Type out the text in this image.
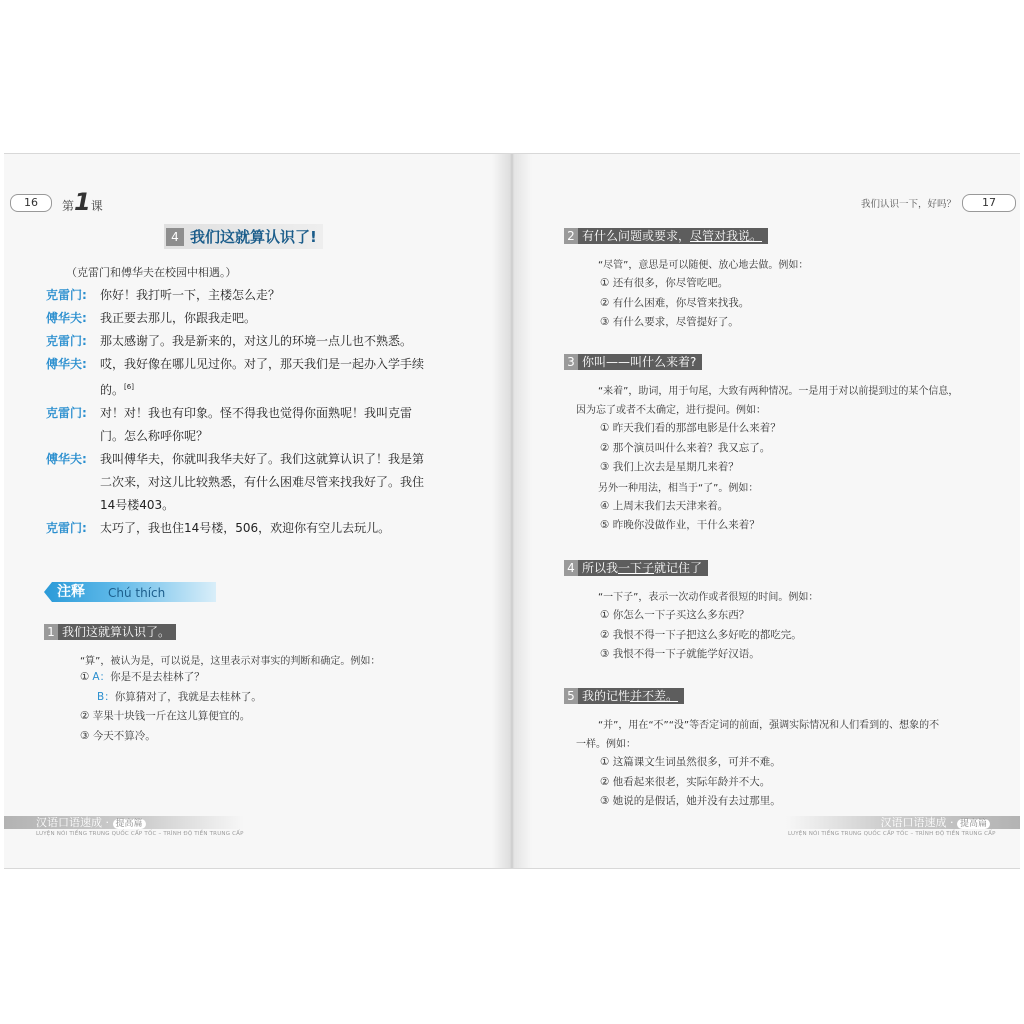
16	第1课
4 我们这就算认识了!
（克雷门和傅华夫在校园中相遇。）
克雷门: 你好！我打听一下，主楼怎么走？
傅华夫: 我正要去那儿，你跟我走吧。
克雷门: 那太感谢了。我是新来的，对这儿的环境一点儿也不熟悉。
傅华夫: 哎，我好像在哪儿见过你。对了，那天我们是一起办入学手续
的。[6]
克雷门: 对！对！我也有印象。怪不得我也觉得你面熟呢！我叫克雷
门。怎么称呼你呢？
傅华夫: 我叫傅华夫，你就叫我华夫好了。我们这就算认识了！我是第
二次来，对这儿比较熟悉，有什么困难尽管来找我好了。我住
14号楼403。
克雷门: 太巧了，我也住14号楼，506，欢迎你有空儿去玩儿。
注释 Chú thích
1 我们这就算认识了。
“算”，被认为是，可以说是，这里表示对事实的判断和确定。例如：
① A：你是不是去桂林了？
B：你算猜对了，我就是去桂林了。
② 苹果十块钱一斤在这儿算便宜的。
③ 今天不算冷。
汉语口语速成 · 提高篇
LUYỆN NÓI TIẾNG TRUNG QUỐC CẤP TỐC – TRÌNH ĐỘ TIỀN TRUNG CẤP
我们认识一下，好吗？	17
2 有什么问题或要求，尽管对我说。
“尽管”，意思是可以随便、放心地去做。例如：
① 还有很多，你尽管吃吧。
② 有什么困难，你尽管来找我。
③ 有什么要求，尽管提好了。
3 你叫——叫什么来着?
“来着”，助词，用于句尾，大致有两种情况。一是用于对以前提到过的某个信息，
因为忘了或者不太确定，进行提问。例如：
① 昨天我们看的那部电影是什么来着？
② 那个演员叫什么来着？我又忘了。
③ 我们上次去是星期几来着？
另外一种用法，相当于“了”。例如：
④ 上周末我们去天津来着。
⑤ 昨晚你没做作业，干什么来着？
4 所以我一下子就记住了
“一下子”，表示一次动作或者很短的时间。例如：
① 你怎么一下子买这么多东西？
② 我恨不得一下子把这么多好吃的都吃完。
③ 我恨不得一下子就能学好汉语。
5 我的记性并不差。
“并”，用在“不”“没”等否定词的前面，强调实际情况和人们看到的、想象的不
一样。例如：
① 这篇课文生词虽然很多，可并不难。
② 他看起来很老，实际年龄并不大。
③ 她说的是假话，她并没有去过那里。
汉语口语速成 · 提高篇
LUYỆN NÓI TIẾNG TRUNG QUỐC CẤP TỐC – TRÌNH ĐỘ TIỀN TRUNG CẤP
